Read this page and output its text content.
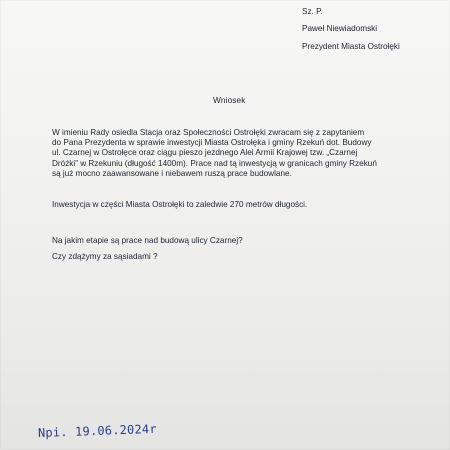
Sz. P.

Paweł Niewiadomski

Prezydent Miasta Ostrołęki

Wniosek

W imieniu Rady osiedla Stacja oraz Społeczności Ostrołęki zwracam się z zapytaniem
do Pana Prezydenta w sprawie inwestycji Miasta Ostrołęka i gminy Rzekuń dot. Budowy
ul. Czarnej w Ostrołęce oraz ciągu pieszo jezdnego Alei Armii Krajowej tzw. „Czarnej
Dróżki” w Rzekuniu (długość 1400m). Prace nad tą inwestycją w granicach gminy Rzekuń
są już mocno zaawansowane i niebawem ruszą prace budowlane.

Inwestycja w części Miasta Ostrołęki to zaledwie 270 metrów długości.

Na jakim etapie są prace nad budową ulicy Czarnej?

Czy zdążymy za sąsiadami ?

Npi. 19.06.2024r
